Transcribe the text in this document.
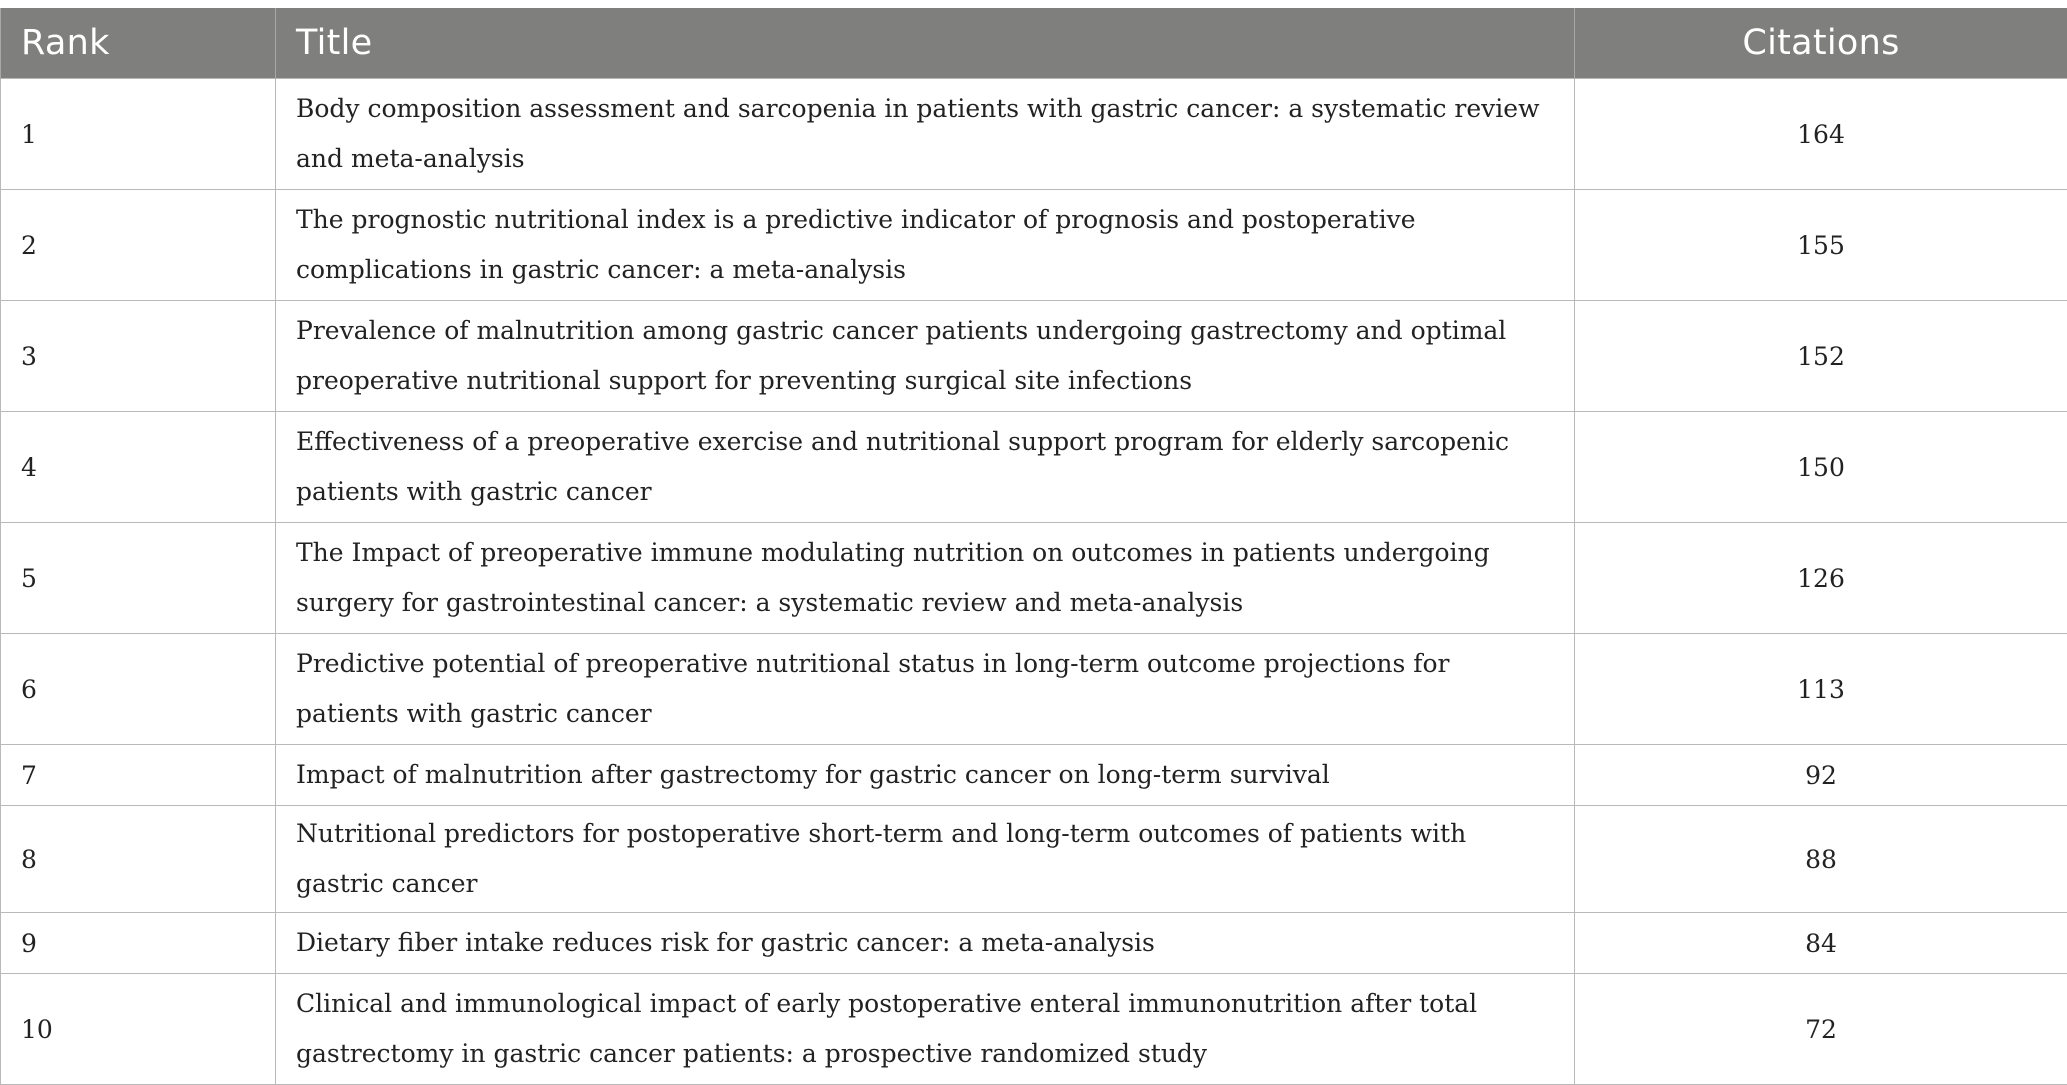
Rank	Title	Citations
1	Body composition assessment and sarcopenia in patients with gastric cancer: a systematic review and meta-analysis	164
2	The prognostic nutritional index is a predictive indicator of prognosis and postoperative complications in gastric cancer: a meta-analysis	155
3	Prevalence of malnutrition among gastric cancer patients undergoing gastrectomy and optimal preoperative nutritional support for preventing surgical site infections	152
4	Effectiveness of a preoperative exercise and nutritional support program for elderly sarcopenic patients with gastric cancer	150
5	The Impact of preoperative immune modulating nutrition on outcomes in patients undergoing surgery for gastrointestinal cancer: a systematic review and meta-analysis	126
6	Predictive potential of preoperative nutritional status in long-term outcome projections for patients with gastric cancer	113
7	Impact of malnutrition after gastrectomy for gastric cancer on long-term survival	92
8	Nutritional predictors for postoperative short-term and long-term outcomes of patients with gastric cancer	88
9	Dietary fiber intake reduces risk for gastric cancer: a meta-analysis	84
10	Clinical and immunological impact of early postoperative enteral immunonutrition after total gastrectomy in gastric cancer patients: a prospective randomized study	72
